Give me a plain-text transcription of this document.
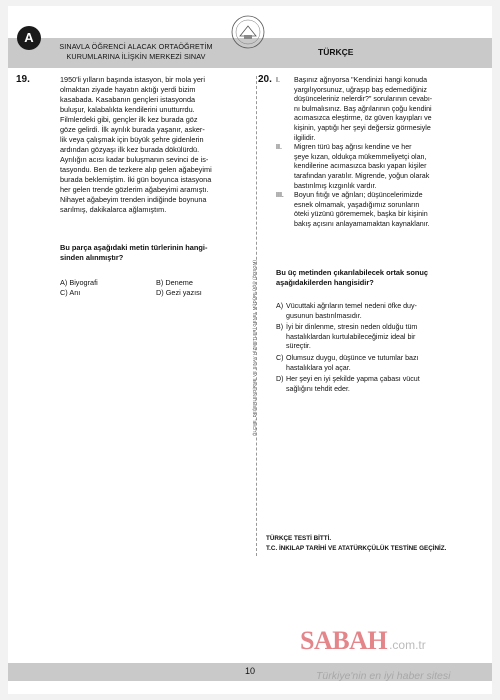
A
SINAVLA ÖĞRENCİ ALACAK ORTAÖĞRETİM
KURUMLARINA İLİŞKİN MERKEZİ SINAV	TÜRKÇE
ÖLÇME, DEĞERLENDİRME VE SINAV HİZMETLERİ GENEL MÜDÜRLÜĞÜ (ÖDSGM)
19.	1950'li yılların başında istasyon, bir mola yeri

olmaktan ziyade hayatın aktığı yerdi bizim

kasabada. Kasabanın gençleri istasyonda

buluşur, kalabalıkta kendilerini unutturrdu.

Filmlerdeki gibi, gençler ilk kez burada göz

göze gelirdi. İlk ayrılık burada yaşanır, asker-

lik veya çalışmak için büyük şehre gidenlerin

ardından gözyaşı ilk kez burada dökülürdü.

Ayrılığın acısı kadar buluşmanın sevinci de is-

tasyondu. Ben de tezkere alıp gelen ağabeyimi

burada beklemiştim. İki gün boyunca istasyona

her gelen trende gözlerim ağabeyimi aramıştı.

Nihayet ağabeyim trenden indiğinde boynuna

sarılmış, dakikalarca ağlamıştım.

Bu parça aşağıdaki metin türlerinin hangi-
sinden alınmıştır?
A) Biyografi	B) Deneme
C) Anı	D) Gezi yazısı
20. I.	Başınız ağrıyorsa "Kendinizi hangi konuda
yargılıyorsunuz, uğraşıp baş edemediğiniz
düşünceleriniz nelerdir?" sorularının cevabı-
nı bulmalısınız. Baş ağrılarının çoğu kendini
acımasızca eleştirme, öz güven kayıpları ve
kişinin, yaptığı her şeyi değersiz görmesiyle
ilgilidir.
II.	Migren türü baş ağrısı kendine ve her
şeye kızan, oldukça mükemmeliyetçi olan,
kendilerine acımasızca baskı yapan kişiler
tarafından yaratılır. Migrende, yoğun olarak
bastırılmış kızgınlık vardır.
III.	Boyun fıtığı ve ağrıları; düşüncelerimizde
esnek olmamak, yaşadığımız sorunların
öteki yüzünü görememek, başka bir kişinin
bakış açısını anlayamamaktan kaynaklanır.
Bu üç metinden çıkarılabilecek ortak sonuç
aşağıdakilerden hangisidir?
A) Vücuttaki ağrıların temel nedeni öfke duy-
gusunun bastırılmasıdır.
B) İyi bir dinlenme, stresin neden olduğu tüm
hastalıklardan kurtulabileceğimiz ideal bir
süreçtir.
C) Olumsuz duygu, düşünce ve tutumlar bazı
hastalıklara yol açar.
D) Her şeyi en iyi şekilde yapma çabası vücut
sağlığını tehdit eder.
TÜRKÇE TESTİ BİTTİ.
T.C. İNKILAP TARİHİ VE ATATÜRKÇÜLÜK TESTİNE GEÇİNİZ.
10
SABAH .com.tr
Türkiye'nin en iyi haber sitesi
